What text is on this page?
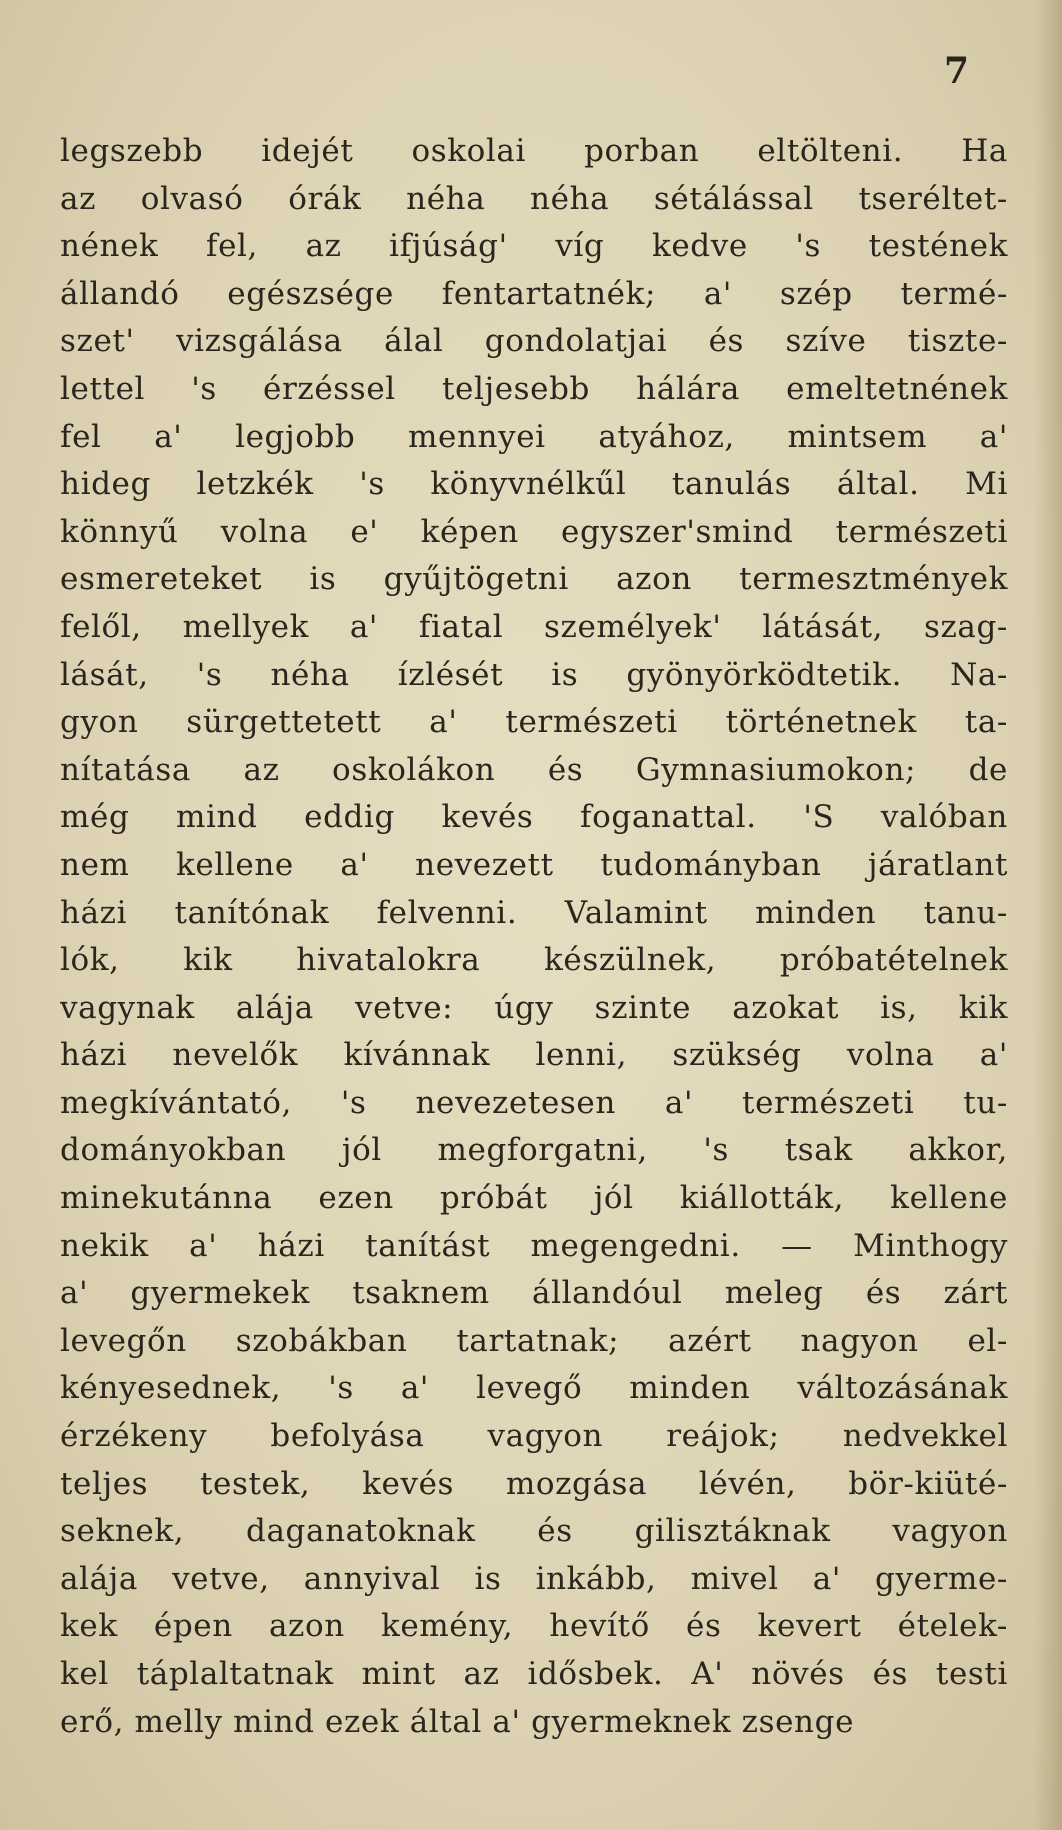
7
legszebb idejét oskolai porban eltölteni. Ha
az olvasó órák néha néha sétálással tseréltet-
nének fel, az ifjúság' víg kedve 's testének
állandó egészsége fentartatnék; a' szép termé-
szet' vizsgálása álal gondolatjai és szíve tiszte-
lettel 's érzéssel teljesebb hálára emeltetnének
fel a' legjobb mennyei atyához, mintsem a'
hideg letzkék 's könyvnélkűl tanulás által. Mi
könnyű volna e' képen egyszer'smind természeti
esmereteket is gyűjtögetni azon termesztmények
felől, mellyek a' fiatal személyek' látását, szag-
lását, 's néha ízlését is gyönyörködtetik. Na-
gyon sürgettetett a' természeti történetnek ta-
nítatása az oskolákon és Gymnasiumokon; de
még mind eddig kevés foganattal. 'S valóban
nem kellene a' nevezett tudományban járatlant
házi tanítónak felvenni. Valamint minden tanu-
lók, kik hivatalokra készülnek, próbatételnek
vagynak alája vetve: úgy szinte azokat is, kik
házi nevelők kívánnak lenni, szükség volna a'
megkívántató, 's nevezetesen a' természeti tu-
dományokban jól megforgatni, 's tsak akkor,
minekutánna ezen próbát jól kiállották, kellene
nekik a' házi tanítást megengedni. — Minthogy
a' gyermekek tsaknem állandóul meleg és zárt
levegőn szobákban tartatnak; azért nagyon el-
kényesednek, 's a' levegő minden változásának
érzékeny befolyása vagyon reájok; nedvekkel
teljes testek, kevés mozgása lévén, bör-kiüté-
seknek, daganatoknak és gilisztáknak vagyon
alája vetve, annyival is inkább, mivel a' gyerme-
kek épen azon kemény, hevítő és kevert ételek-
kel táplaltatnak mint az idősbek. A' növés és testi
erő, melly mind ezek által a' gyermeknek zsenge
